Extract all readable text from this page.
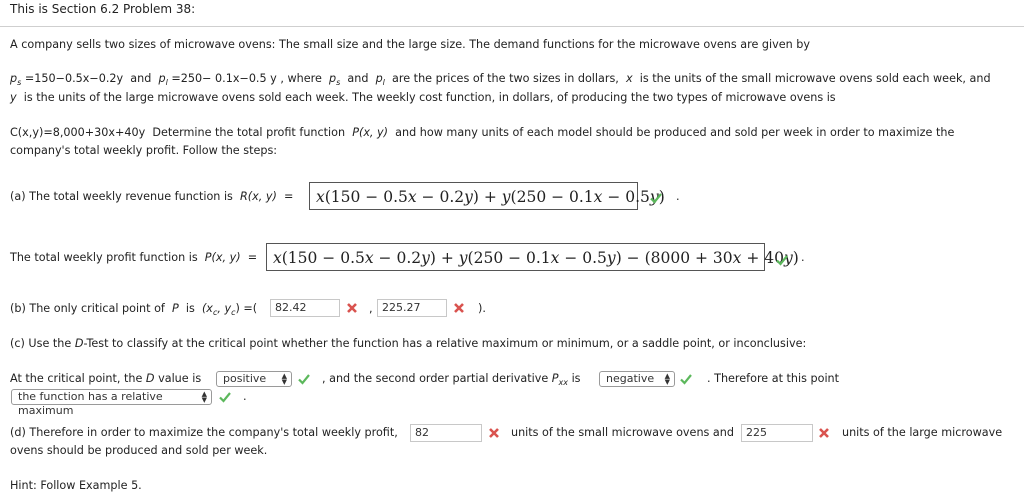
This is Section 6.2 Problem 38:
A company sells two sizes of microwave ovens: The small size and the large size. The demand functions for the microwave ovens are given by
$p_s =150-0.5x-0.2y$ and $p_l =250- 0.1x-0.5$ y , where $p_s$ and $p_l$ are the prices of the two sizes in dollars, x is the units of the small microwave ovens sold each week, and
y is the units of the large microwave ovens sold each week. The weekly cost function, in dollars, of producing the two types of microwave ovens is
C(x,y)=8,000+30x+40y Determine the total profit function P(x, y) and how many units of each model should be produced and sold per week in order to maximize the
company's total weekly profit. Follow the steps:
(a) The total weekly revenue function is R(x, y) =	x(150 − 0.5x − 0.2y) + y(250 − 0.1x − 0.5y) .
The total weekly profit function is P(x, y) =	x(150 − 0.5x − 0.2y) + y(250 − 0.1x − 0.5y) − (8000 + 30x + 40y) .
(b) The only critical point of P is ($x_c$, $y_c$) =(	82.42	, 225.27	).
(c) Use the D-Test to classify at the critical point whether the function has a relative maximum or minimum, or a saddle point, or inconclusive:
At the critical point, the D value is	positive ▲
▼	, and the second order partial derivative $P_{xx}$ is	negative ▲
▼	. Therefore at this point
the function has a relative maximum
▲
▼	.
(d) Therefore in order to maximize the company's total weekly profit,	82	units of the small microwave ovens and	225	units of the large microwave
ovens should be produced and sold per week.
Hint: Follow Example 5.
